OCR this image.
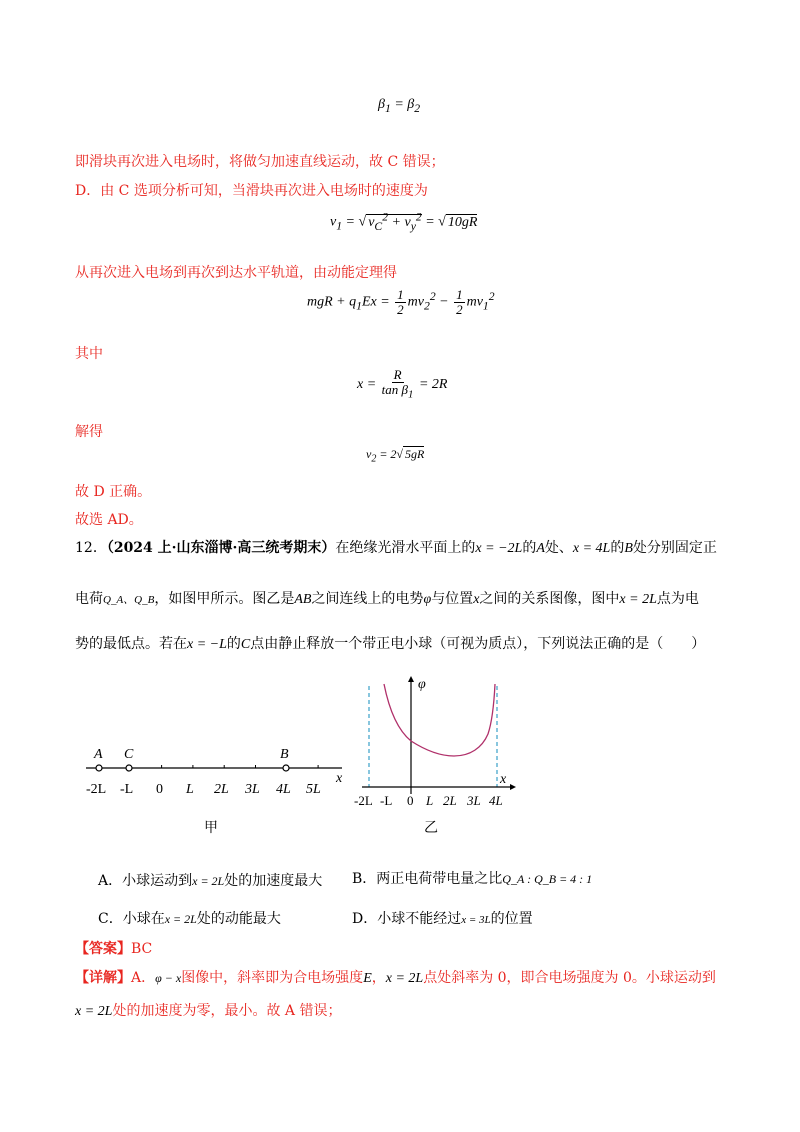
$\beta_1 = \beta_2$
即滑块再次进入电场时，将做匀加速直线运动，故 C 错误；
D．由 C 选项分析可知，当滑块再次进入电场时的速度为
$v_1$ = √ $v_C^2 + v_y^2$ = √ 10gR
从再次进入电场到再次到达水平轨道，由动能定理得
mgR + $q_1Ex = \frac{1}{2} mv_2^2 - \frac{1}{2} mv_1^2$
其中
$x = \frac{R}{\tan \beta_1} = 2R$
解得
$v_2 = 2√$ 5gR
故 D 正确。
故选 AD。
12．（2024 上·山东淄博·高三统考期末）在绝缘光滑水平面上的x = −2L的A处、x = 4L的B处分别固定正
电荷Q_A、Q_B，如图甲所示。图乙是AB之间连线上的电势φ与位置x之间的关系图像，图中x = 2L点为电
势的最低点。若在x = −L的C点由静止释放一个带正电小球（可视为质点），下列说法正确的是（　　）
A C	B
x
-2L -L 0 L 2L 3L 4L 5L
甲
φ
x
-2L -L 0 L 2L 3L 4L
乙
A．小球运动到x = 2L处的加速度最大 B．两正电荷带电量之比Q_A : Q_B = 4 : 1
C．小球在x = 2L处的动能最大	D．小球不能经过x = 3L的位置
【答案】BC
【详解】A．φ − x图像中，斜率即为合电场强度E，x = 2L点处斜率为 0，即合电场强度为 0。小球运动到
x = 2L处的加速度为零，最小。故 A 错误；
